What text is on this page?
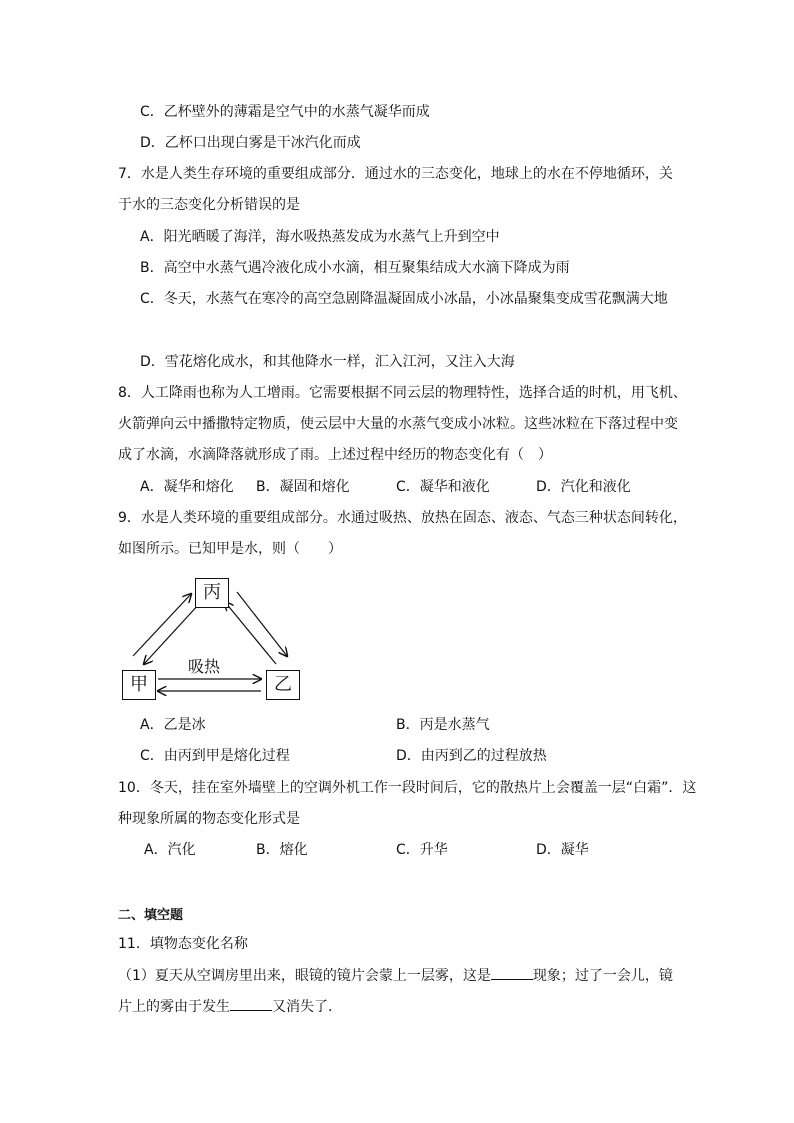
C．乙杯壁外的薄霜是空气中的水蒸气凝华而成
D．乙杯口出现白雾是干冰汽化而成
7．水是人类生存环境的重要组成部分．通过水的三态变化，地球上的水在不停地循环，关
于水的三态变化分析错误的是
A．阳光晒暖了海洋，海水吸热蒸发成为水蒸气上升到空中
B．高空中水蒸气遇冷液化成小水滴，相互聚集结成大水滴下降成为雨
C．冬天，水蒸气在寒冷的高空急剧降温凝固成小冰晶，小冰晶聚集变成雪花飘满大地
D．雪花熔化成水，和其他降水一样，汇入江河，又注入大海
8．人工降雨也称为人工增雨。它需要根据不同云层的物理特性，选择合适的时机，用飞机、
火箭弹向云中播撒特定物质，使云层中大量的水蒸气变成小冰粒。这些冰粒在下落过程中变
成了水滴，水滴降落就形成了雨。上述过程中经历的物态变化有（　）
A．凝华和熔化 B．凝固和熔化	C．凝华和液化	D．汽化和液化
9．水是人类环境的重要组成部分。水通过吸热、放热在固态、液态、气态三种状态间转化，
如图所示。已知甲是水，则（　　）
丙
甲	乙
吸热
A．乙是冰	B．丙是水蒸气
C．由丙到甲是熔化过程	D．由丙到乙的过程放热
10．冬天，挂在室外墙壁上的空调外机工作一段时间后，它的散热片上会覆盖一层“白霜”．这
种现象所属的物态变化形式是
A．汽化	B．熔化	C．升华	D．凝华
二、填空题
11．填物态变化名称
（1）夏天从空调房里出来，眼镜的镜片会蒙上一层雾，这是	现象；过了一会儿，镜
片上的雾由于发生	又消失了．
